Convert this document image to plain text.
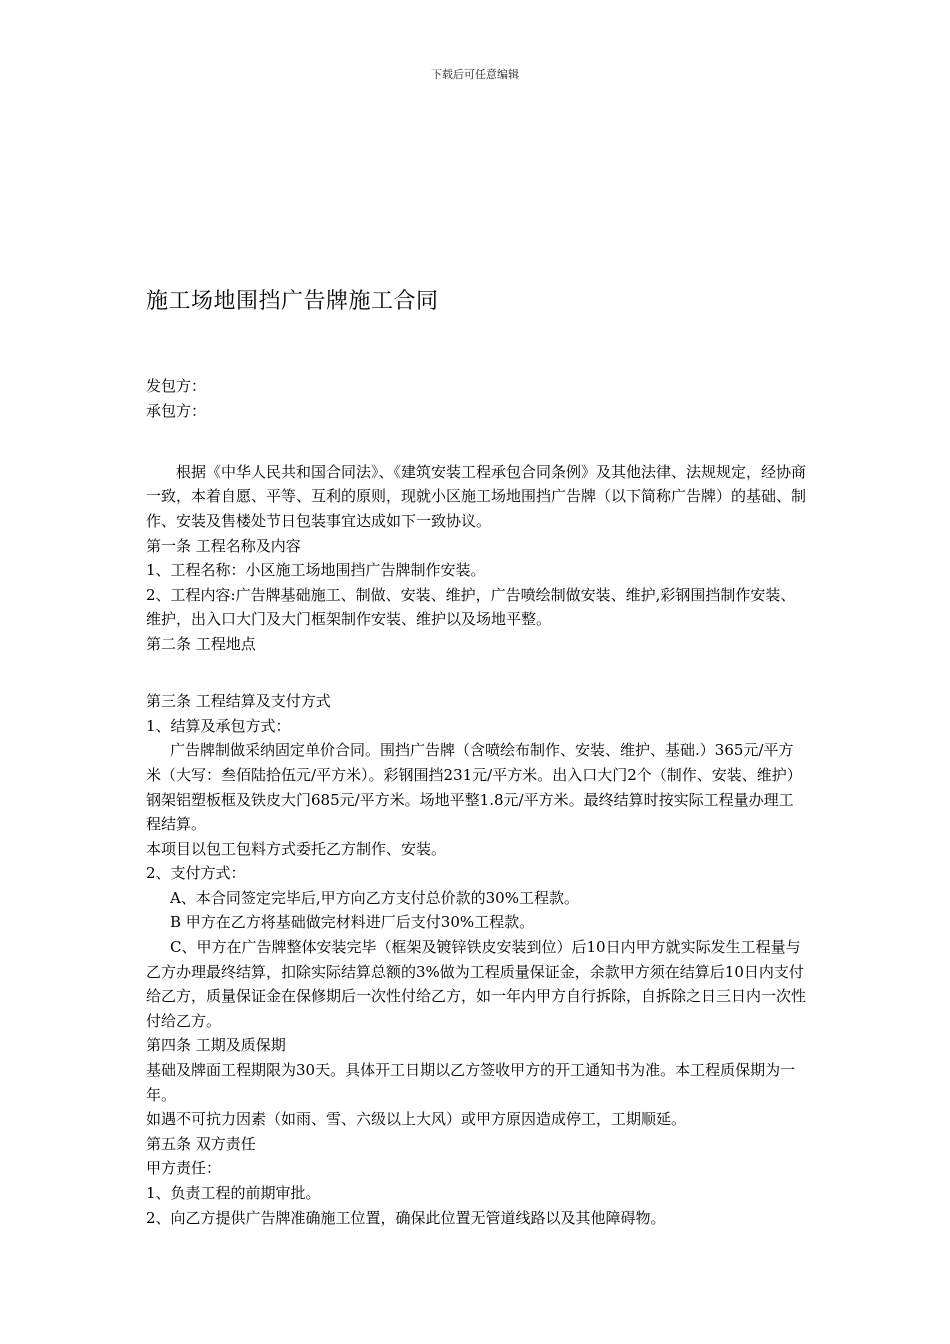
下载后可任意编辑
施工场地围挡广告牌施工合同

发包方：

承包方：

根据《中华人民共和国合同法》、《建筑安装工程承包合同条例》及其他法律、法规规定，经协商一致，本着自愿、平等、互利的原则，现就小区施工场地围挡广告牌（以下简称广告牌）的基础、制作、安装及售楼处节日包装事宜达成如下一致协议。

第一条 工程名称及内容

1、工程名称：小区施工场地围挡广告牌制作安装。

2、工程内容:广告牌基础施工、制做、安装、维护，广告喷绘制做安装、维护,彩钢围挡制作安装、维护，出入口大门及大门框架制作安装、维护以及场地平整。

第二条 工程地点

第三条 工程结算及支付方式

1、结算及承包方式：

广告牌制做采纳固定单价合同。围挡广告牌（含喷绘布制作、安装、维护、基础.）365元/平方米（大写：叁佰陆拾伍元/平方米）。彩钢围挡231元/平方米。出入口大门2个（制作、安装、维护）钢架铝塑板框及铁皮大门685元/平方米。场地平整1.8元/平方米。最终结算时按实际工程量办理工程结算。

本项目以包工包料方式委托乙方制作、安装。

2、支付方式：

A、本合同签定完毕后,甲方向乙方支付总价款的30%工程款。

B 甲方在乙方将基础做完材料进厂后支付30%工程款。

C、甲方在广告牌整体安装完毕（框架及镀锌铁皮安装到位）后10日内甲方就实际发生工程量与乙方办理最终结算，扣除实际结算总额的3%做为工程质量保证金，余款甲方须在结算后10日内支付给乙方，质量保证金在保修期后一次性付给乙方，如一年内甲方自行拆除，自拆除之日三日内一次性付给乙方。

第四条 工期及质保期

基础及牌面工程期限为30天。具体开工日期以乙方签收甲方的开工通知书为准。本工程质保期为一年。

如遇不可抗力因素（如雨、雪、六级以上大风）或甲方原因造成停工，工期顺延。

第五条 双方责任

甲方责任：

1、负责工程的前期审批。

2、向乙方提供广告牌准确施工位置，确保此位置无管道线路以及其他障碍物。
